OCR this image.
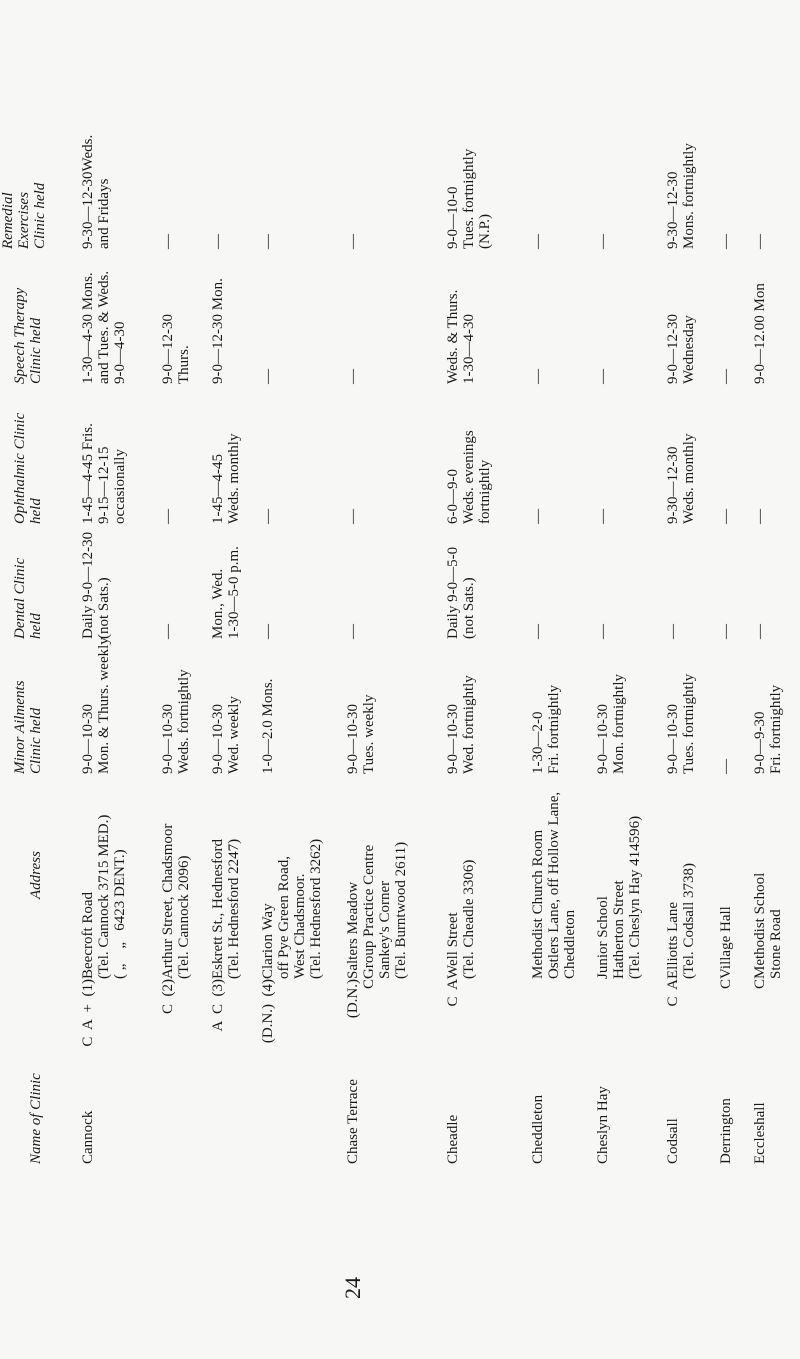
Name of Clinic
Address
Minor Ailments
Clinic held
Dental Clinic
held
Ophthalmic Clinic
held
Speech Therapy
Clinic held
Remedial
Exercises
Clinic held
Cannock
C  A  +  (1)
Beecroft Road
(Tel. Cannock 3715 MED.)
( „    „   6423 DENT.)
9-0—10-30
Mon. & Thurs. weekly
Daily 9-0—12-30
(not Sats.)
1-45—4-45 Fris.
9-15—12-15
occasionally
1-30—4-30 Mons.
and Tues. & Weds.
9-0—4-30
9-30—12-30Weds.
and Fridays
C  (2)
Arthur Street, Chadsmoor
(Tel. Cannock 2096)
9-0—10-30
Weds. fortnightly
—
—
9-0—12-30
Thurs.
—
A  C  (3)
Eskrett St., Hednesford
(Tel. Hednesford 2247)
9-0—10-30
Wed. weekly
Mon., Wed.
1-30—5-0 p.m.
1-45—4-45
Weds. monthly
9-0—12-30 Mon.
—
(D.N.)  (4)
Clarion Way
off Pye Green Road,
West Chadsmoor.
(Tel. Hednesford 3262)
1-0—2.0 Mons.
—
—
—
—
Chase Terrace
(D.N.)
C
Salters Meadow
Group Practice Centre
Sankey's Corner
(Tel. Burntwood 2611)
9-0—10-30
Tues. weekly
—
—
—
—
Cheadle
C  A
Well Street
(Tel. Cheadle 3306)
9-0—10-30
Wed. fortnightly
Daily 9-0—5-0
(not Sats.)
6-0—9-0
Weds. evenings
fortnightly
Weds. & Thurs.
1-30—4-30
9-0—10-0
Tues. fortnightly
(N.P.)
Cheddleton
Methodist Church Room
Ostlers Lane, off Hollow Lane,
Cheddleton
1-30—2-0
Fri. fortnightly
—
—
—
—
Cheslyn Hay
Junior School
Hatherton Street
(Tel. Cheslyn Hay 414596)
9-0—10-30
Mon. fortnightly
—
—
—
—
Codsall
C  A
Elliotts Lane
(Tel. Codsall 3738)
9-0—10-30
Tues. fortnightly
—
9-30—12-30
Weds. monthly
9-0—12-30
Wednesday
9-30—12-30
Mons. fortnightly
Derrington
C
Village Hall
—
—
—
—
—
Eccleshall
C
Methodist School
Stone Road
9-0—9-30
Fri. fortnightly
—
—
9-0—12.00 Mon
—
24
